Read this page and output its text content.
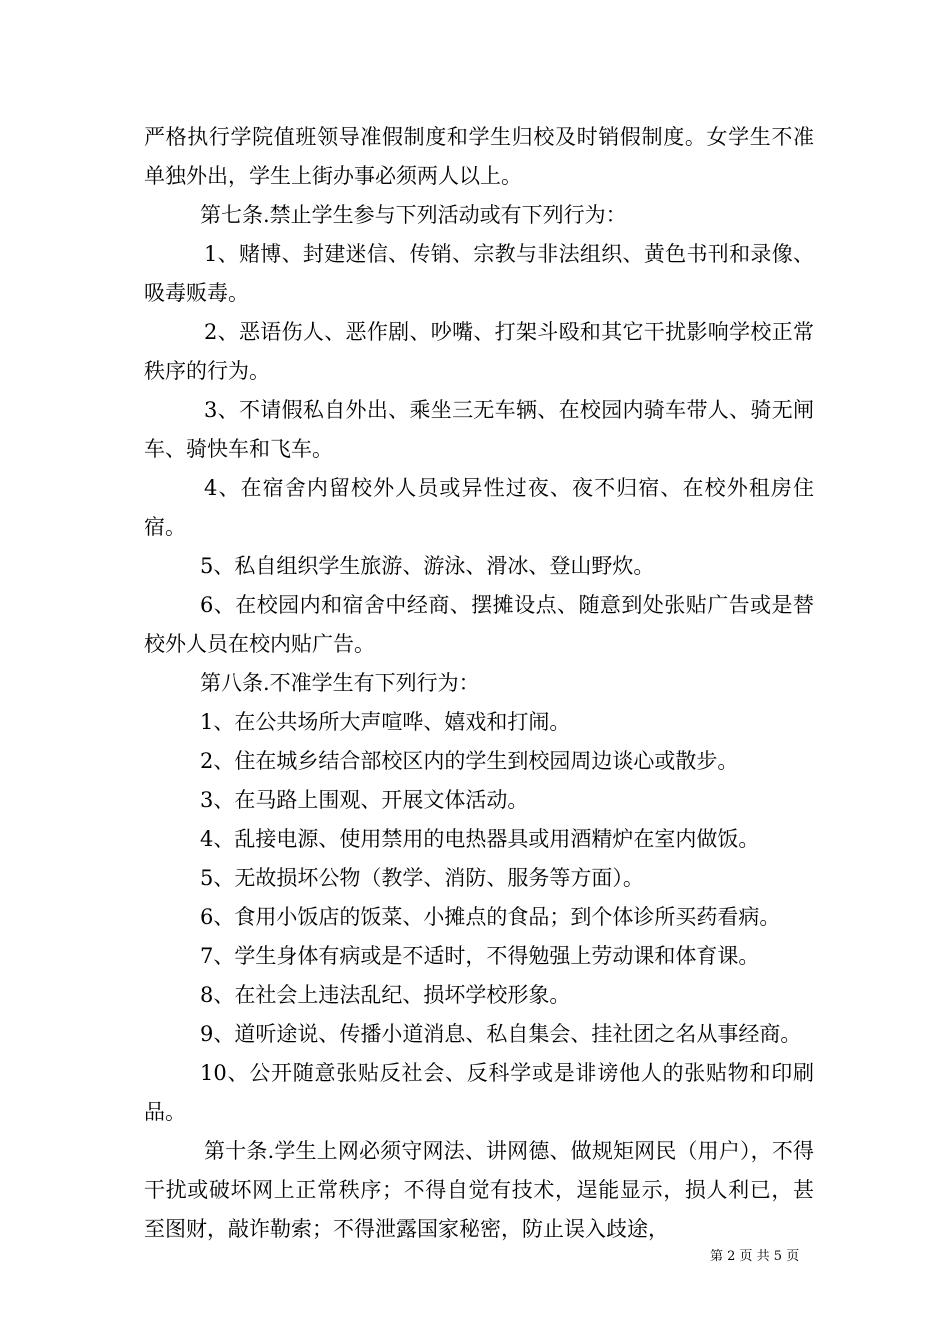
严格执行学院值班领导准假制度和学生归校及时销假制度。女学生不准单独外出，学生上街办事必须两人以上。

第七条.禁止学生参与下列活动或有下列行为：

1、赌博、封建迷信、传销、宗教与非法组织、黄色书刊和录像、吸毒贩毒。

2、恶语伤人、恶作剧、吵嘴、打架斗殴和其它干扰影响学校正常秩序的行为。

3、不请假私自外出、乘坐三无车辆、在校园内骑车带人、骑无闸车、骑快车和飞车。

4、在宿舍内留校外人员或异性过夜、夜不归宿、在校外租房住宿。

5、私自组织学生旅游、游泳、滑冰、登山野炊。

6、在校园内和宿舍中经商、摆摊设点、随意到处张贴广告或是替校外人员在校内贴广告。

第八条.不准学生有下列行为：

1、在公共场所大声喧哗、嬉戏和打闹。

2、住在城乡结合部校区内的学生到校园周边谈心或散步。

3、在马路上围观、开展文体活动。

4、乱接电源、使用禁用的电热器具或用酒精炉在室内做饭。

5、无故损坏公物（教学、消防、服务等方面）。

6、食用小饭店的饭菜、小摊点的食品；到个体诊所买药看病。

7、学生身体有病或是不适时，不得勉强上劳动课和体育课。

8、在社会上违法乱纪、损坏学校形象。

9、道听途说、传播小道消息、私自集会、挂社团之名从事经商。

10、公开随意张贴反社会、反科学或是诽谤他人的张贴物和印刷品。

第十条.学生上网必须守网法、讲网德、做规矩网民（用户），不得干扰或破坏网上正常秩序；不得自觉有技术，逞能显示，损人利已，甚至图财，敲诈勒索；不得泄露国家秘密，防止误入歧途，

第 2 页 共 5 页
